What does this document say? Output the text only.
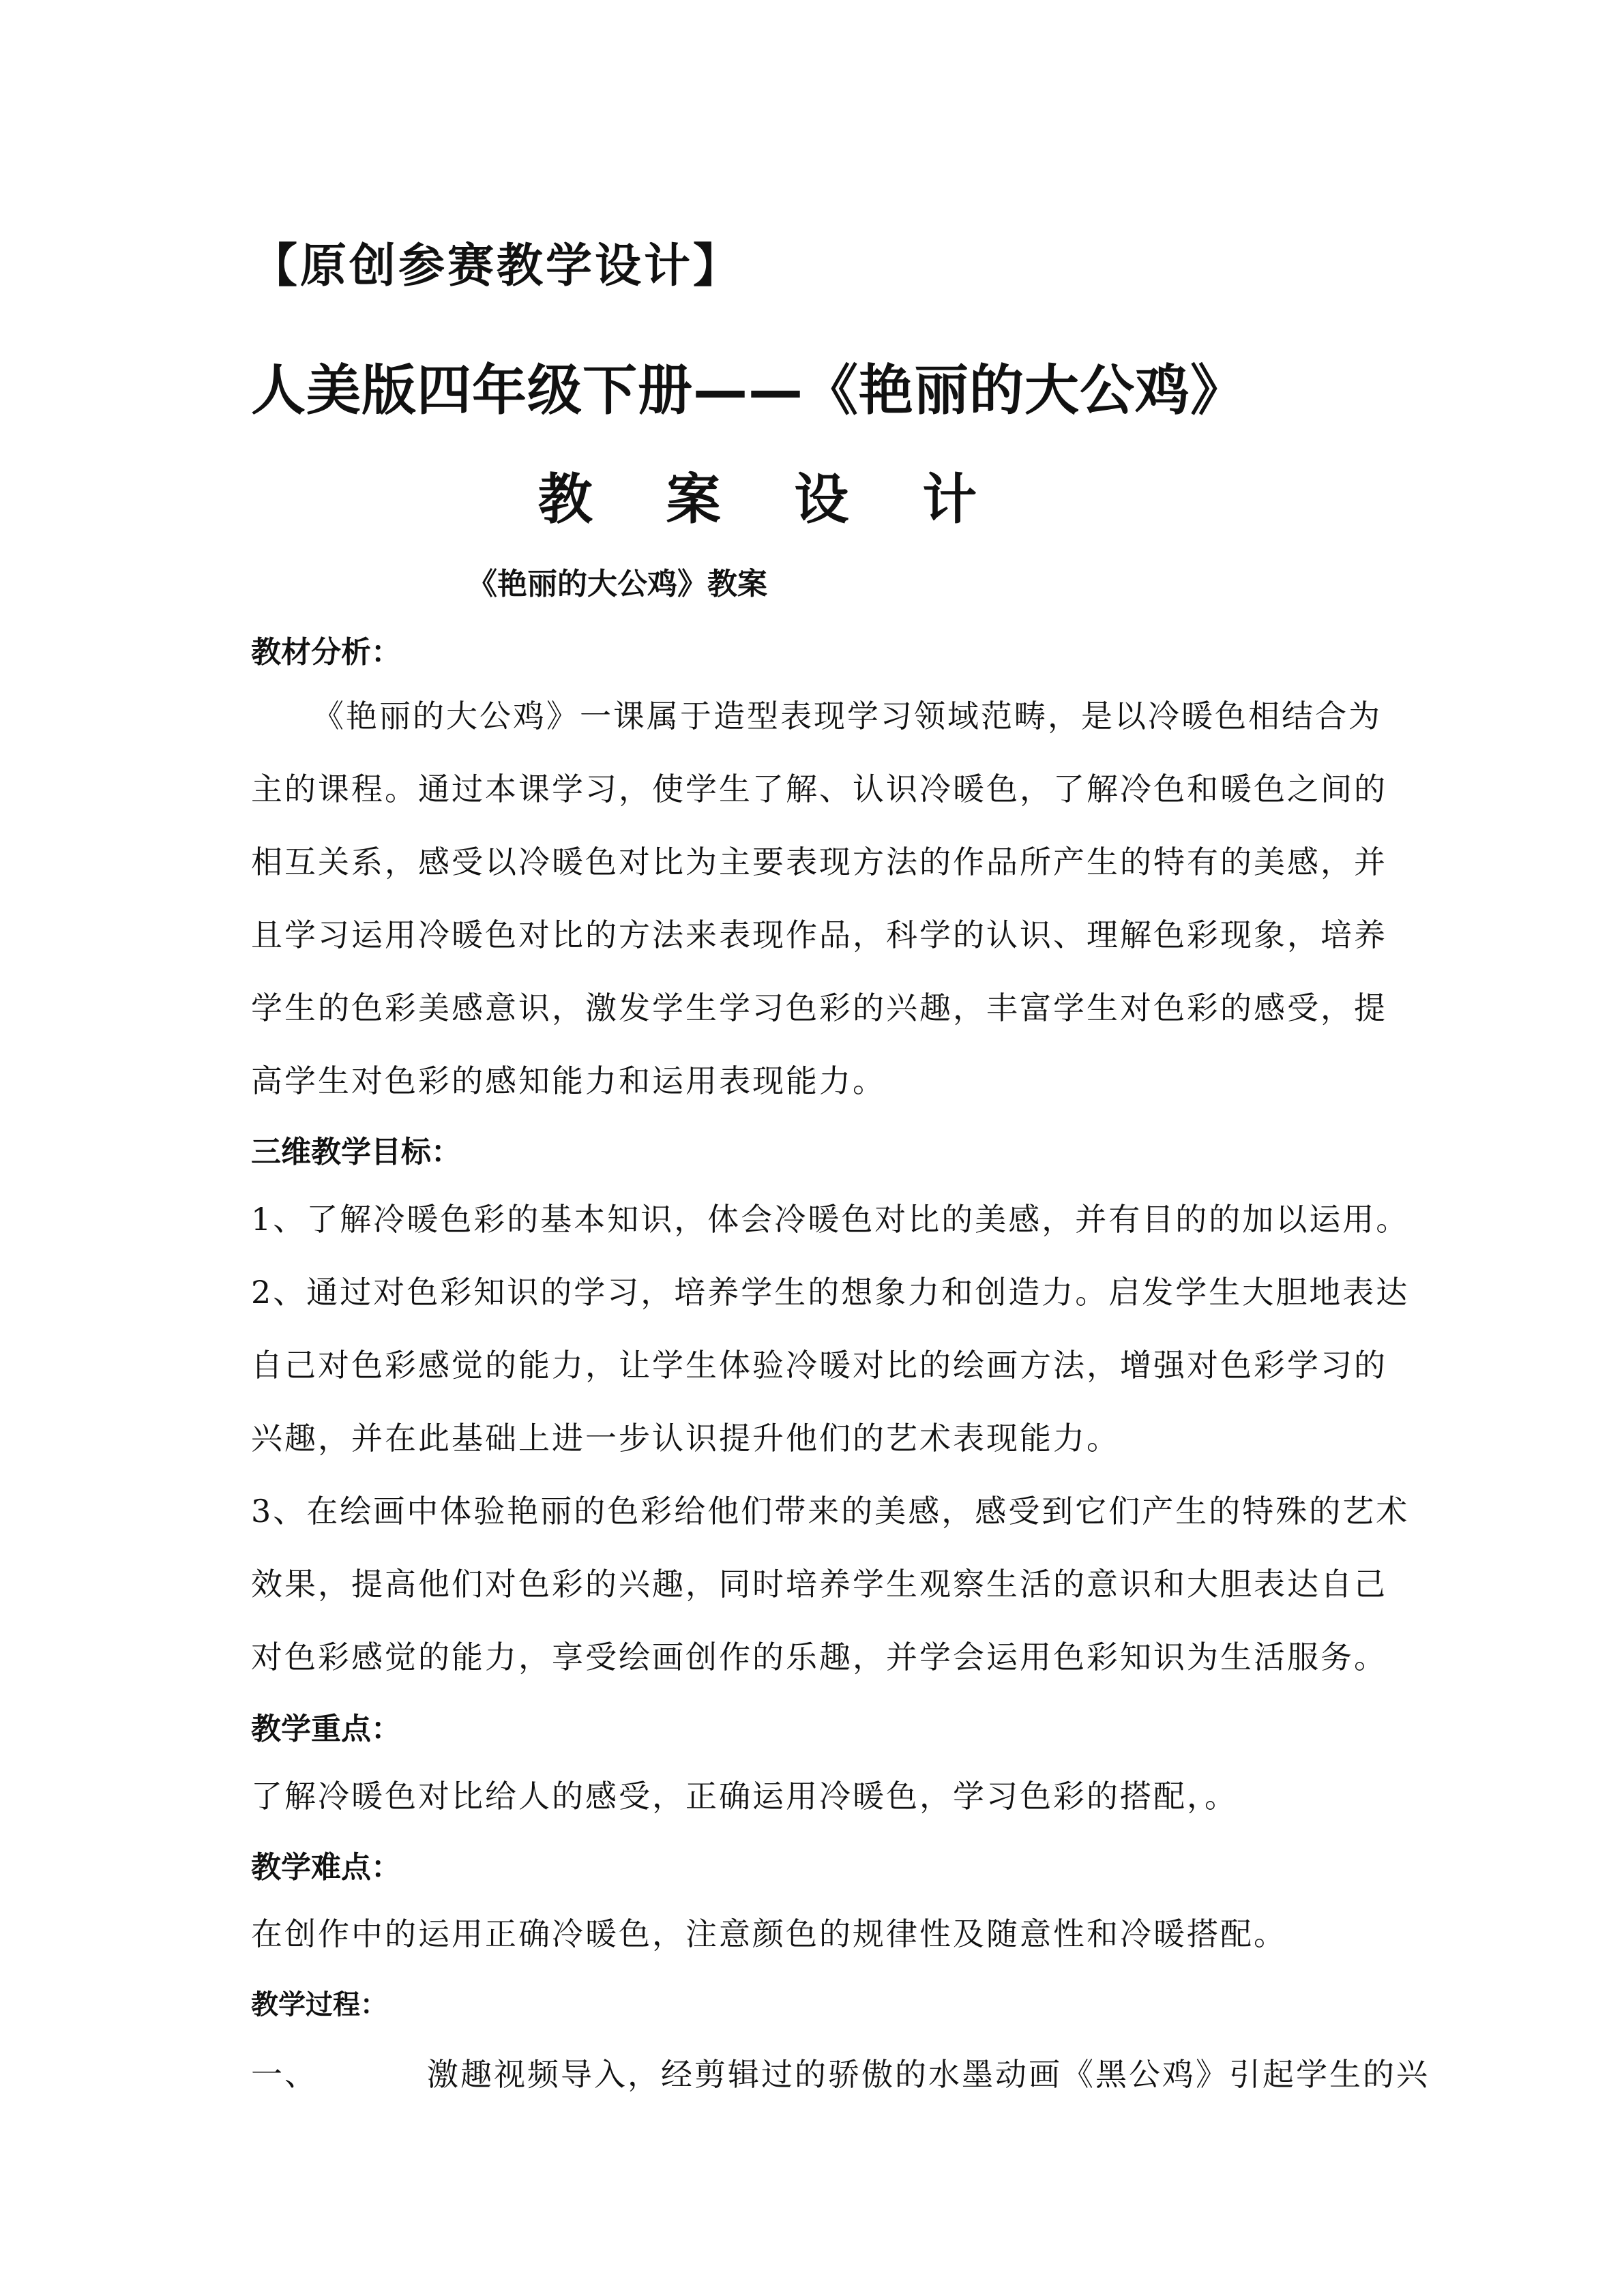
【原创参赛教学设计】
人美版四年级下册——《艳丽的大公鸡》
教 案 设 计
《艳丽的大公鸡》教案
教材分析：
《艳丽的大公鸡》一课属于造型表现学习领域范畴，是以冷暖色相结合为
主的课程。通过本课学习，使学生了解、认识冷暖色，了解冷色和暖色之间的
相互关系，感受以冷暖色对比为主要表现方法的作品所产生的特有的美感，并
且学习运用冷暖色对比的方法来表现作品，科学的认识、理解色彩现象，培养
学生的色彩美感意识，激发学生学习色彩的兴趣，丰富学生对色彩的感受，提
高学生对色彩的感知能力和运用表现能力。
三维教学目标：
1、了解冷暖色彩的基本知识，体会冷暖色对比的美感，并有目的的加以运用。
2、通过对色彩知识的学习，培养学生的想象力和创造力。启发学生大胆地表达
自己对色彩感觉的能力，让学生体验冷暖对比的绘画方法，增强对色彩学习的
兴趣，并在此基础上进一步认识提升他们的艺术表现能力。
3、在绘画中体验艳丽的色彩给他们带来的美感，感受到它们产生的特殊的艺术
效果，提高他们对色彩的兴趣，同时培养学生观察生活的意识和大胆表达自己
对色彩感觉的能力，享受绘画创作的乐趣，并学会运用色彩知识为生活服务。
教学重点：
了解冷暖色对比给人的感受，正确运用冷暖色，学习色彩的搭配，。
教学难点：
在创作中的运用正确冷暖色，注意颜色的规律性及随意性和冷暖搭配。
教学过程：
一、	激趣视频导入，经剪辑过的骄傲的水墨动画《黑公鸡》引起学生的兴
